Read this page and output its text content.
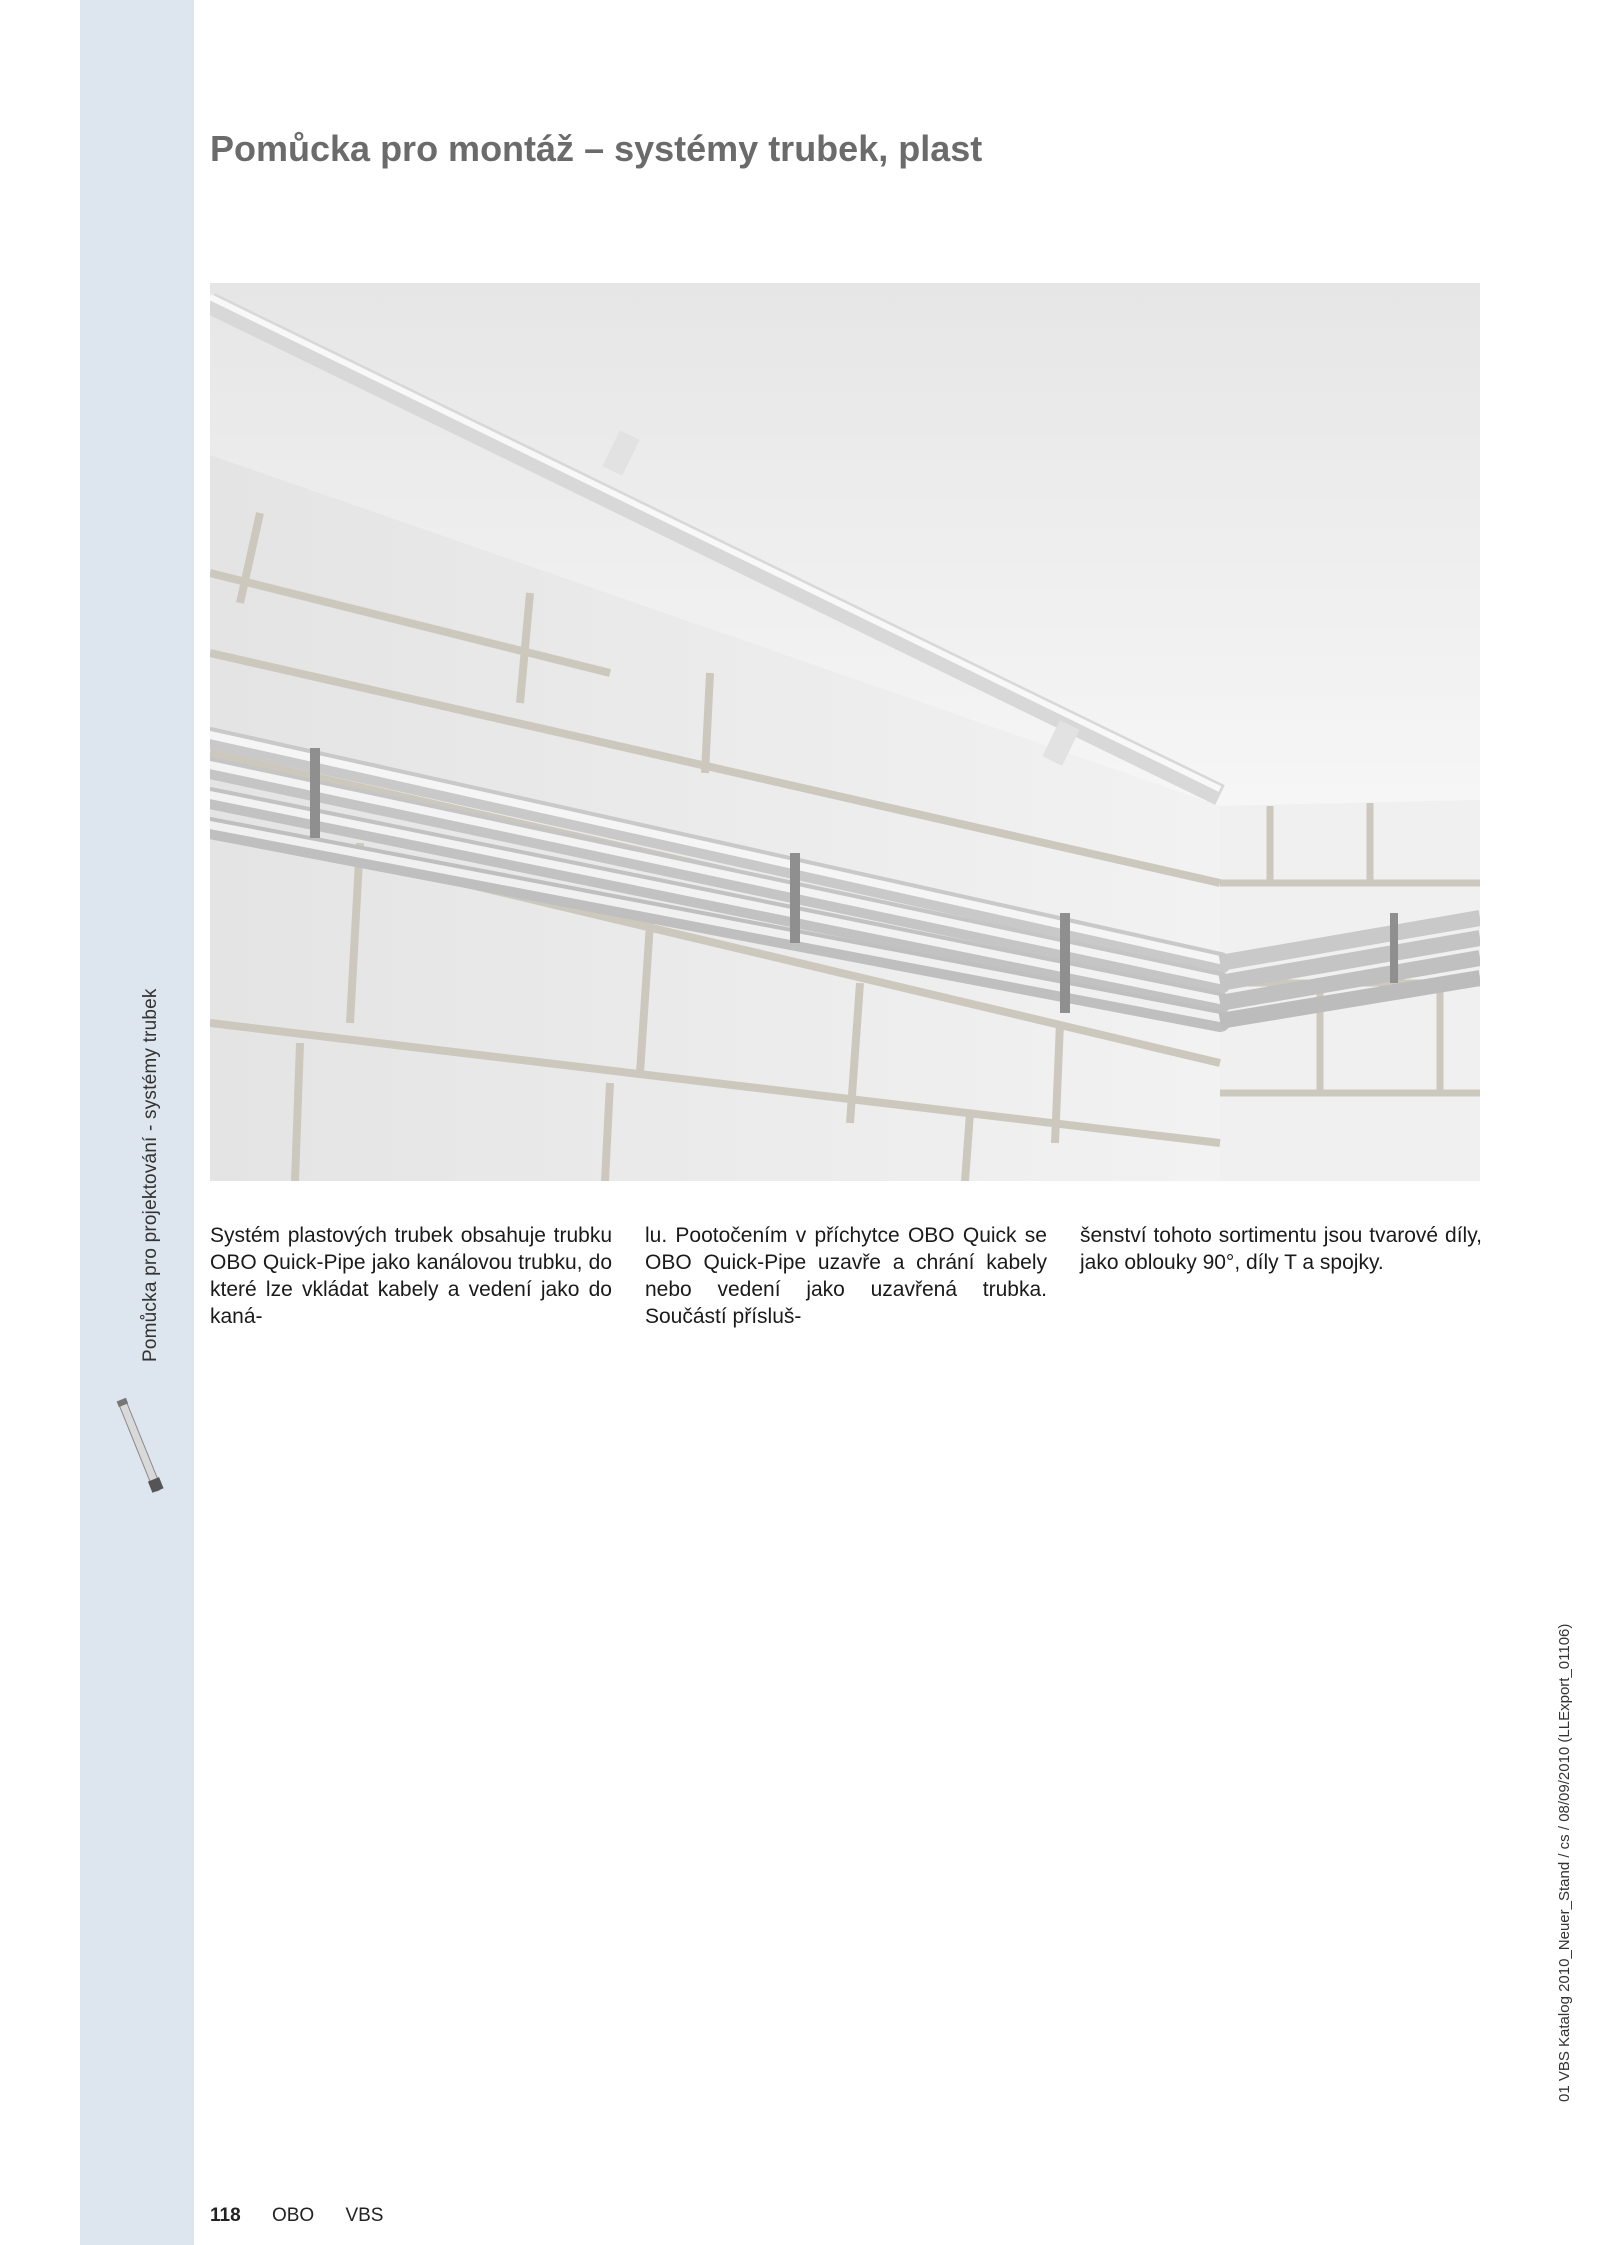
Pomůcka pro projektování - systémy trubek
Pomůcka pro montáž – systémy trubek, plast

Systém plastových trubek obsahuje trubku OBO Quick-Pipe jako kanálovou trubku, do které lze vkládat kabely a vedení jako do kaná-

lu. Pootočením v příchytce OBO Quick se OBO Quick-Pipe uzavře a chrání kabely nebo vedení jako uzavřená trubka. Součástí přísluš-

šenství tohoto sortimentu jsou tvarové díly, jako oblouky 90°, díly T a spojky.

01 VBS Katalog 2010_Neuer_Stand / cs / 08/09/2010 (LLExport_01106)
118 OBO VBS
